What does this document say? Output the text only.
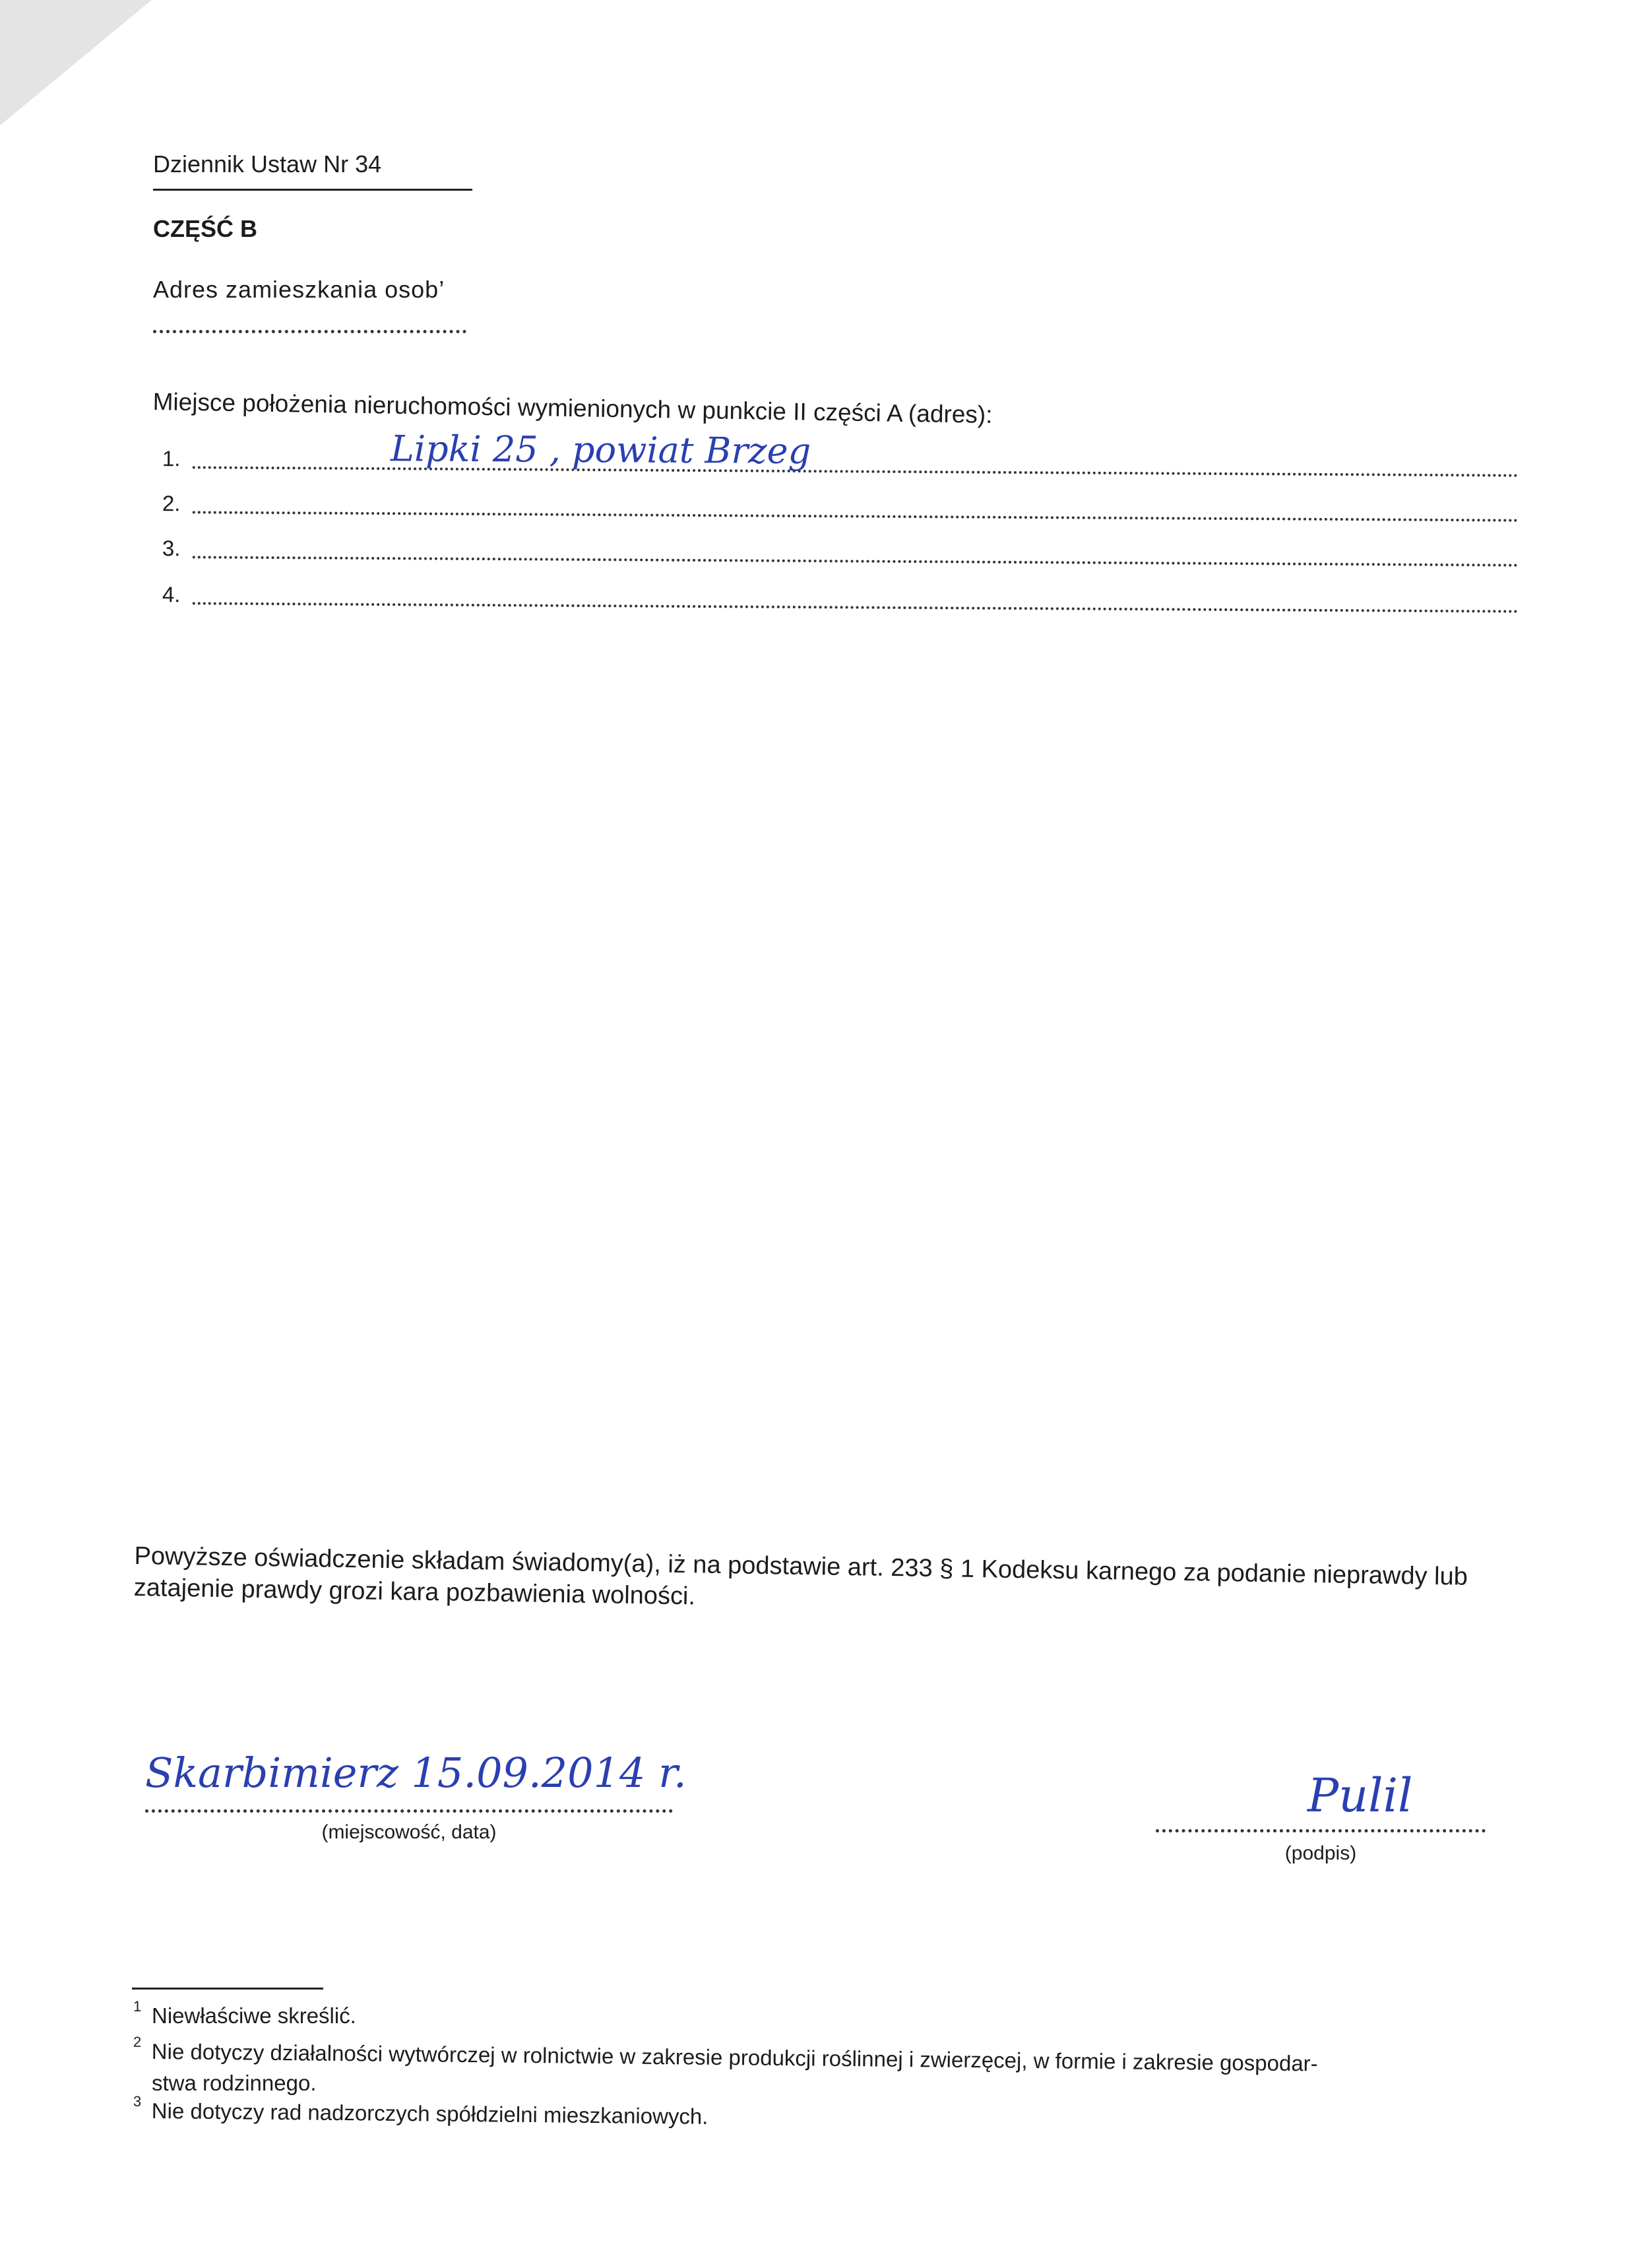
Dziennik Ustaw Nr 34
CZĘŚĆ B
Adres zamieszkania osob’
Miejsce położenia nieruchomości wymienionych w punkcie II części A (adres):
1.	Lipki 25 , powiat Brzeg
2.
3.
4.
Powyższe oświadczenie składam świadomy(a), iż na podstawie art. 233 § 1 Kodeksu karnego za podanie nieprawdy lub zatajenie prawdy grozi kara pozbawienia wolności.
Skarbimierz 15.09.2014 r.
(miejscowość, data)
Pulil
(podpis)
1 Niewłaściwe skreślić.
2 Nie dotyczy działalności wytwórczej w rolnictwie w zakresie produkcji roślinnej i zwierzęcej, w formie i zakresie gospodar-
stwa rodzinnego.
3 Nie dotyczy rad nadzorczych spółdzielni mieszkaniowych.
